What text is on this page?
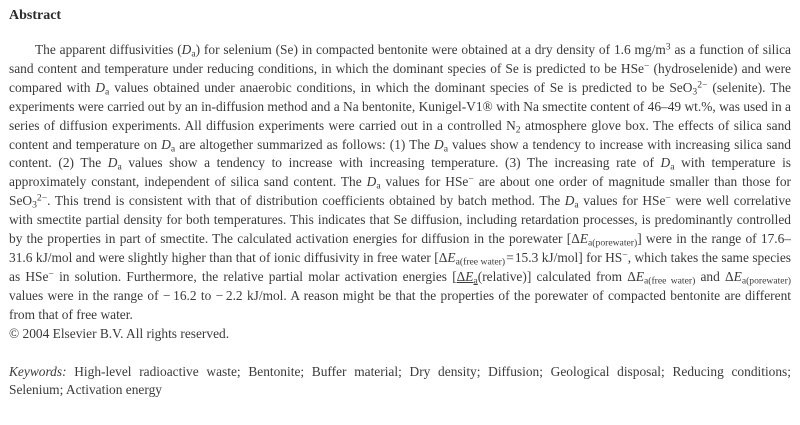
Abstract

The apparent diffusivities $(D_a)$ for selenium (Se) in compacted bentonite were obtained at a dry density of 1.6 $mg/m^3$ as a function of silica sand content and temperature under reducing conditions, in which the dominant species of Se is predicted to be HSe− (hydroselenide) and were compared with $D_a$ values obtained under anaerobic conditions, in which the dominant species of Se is predicted to be SeO$_3^{2-}$ (selenite). The experiments were carried out by an in-diffusion method and a Na bentonite, Kunigel-V1® with Na smectite content of 46–49 wt.%, was used in a series of diffusion experiments. All diffusion experiments were carried out in a controlled $N_2$ atmosphere glove box. The effects of silica sand content and temperature on $D_a$ are altogether summarized as follows: (1) The $D_a$ values show a tendency to increase with increasing silica sand content. (2) The $D_a$ values show a tendency to increase with increasing temperature. (3) The increasing rate of $D_a$ with temperature is approximately constant, independent of silica sand content. The $D_a$ values for HSe− are about one order of magnitude smaller than those for SeO$_3^{2-}$. This trend is consistent with that of distribution coefficients obtained by batch method. The $D_a$ values for HSe− were well correlative with smectite partial density for both temperatures. This indicates that Se diffusion, including retardation processes, is predominantly controlled by the properties in part of smectite. The calculated activation energies for diffusion in the porewater $[\Delta E_{a(porewater)}]$ were in the range of 17.6–31.6 kJ/mol and were slightly higher than that of ionic diffusivity in free water [$\Delta E_{a(free water)}$ = 15.3 kJ/mol] for HS−, which takes the same species as HSe− in solution. Furthermore, the relative partial molar activation energies $[\Delta E_a(relative)]$ calculated from $\Delta E_{a(free water)}$ and $\Delta E_{a(porewater)}$ values were in the range of − 16.2 to − 2.2 kJ/mol. A reason might be that the properties of the porewater of compacted bentonite are different from that of free water.

© 2004 Elsevier B.V. All rights reserved.

Keywords: High-level radioactive waste; Bentonite; Buffer material; Dry density; Diffusion; Geological disposal; Reducing conditions; Selenium; Activation energy
